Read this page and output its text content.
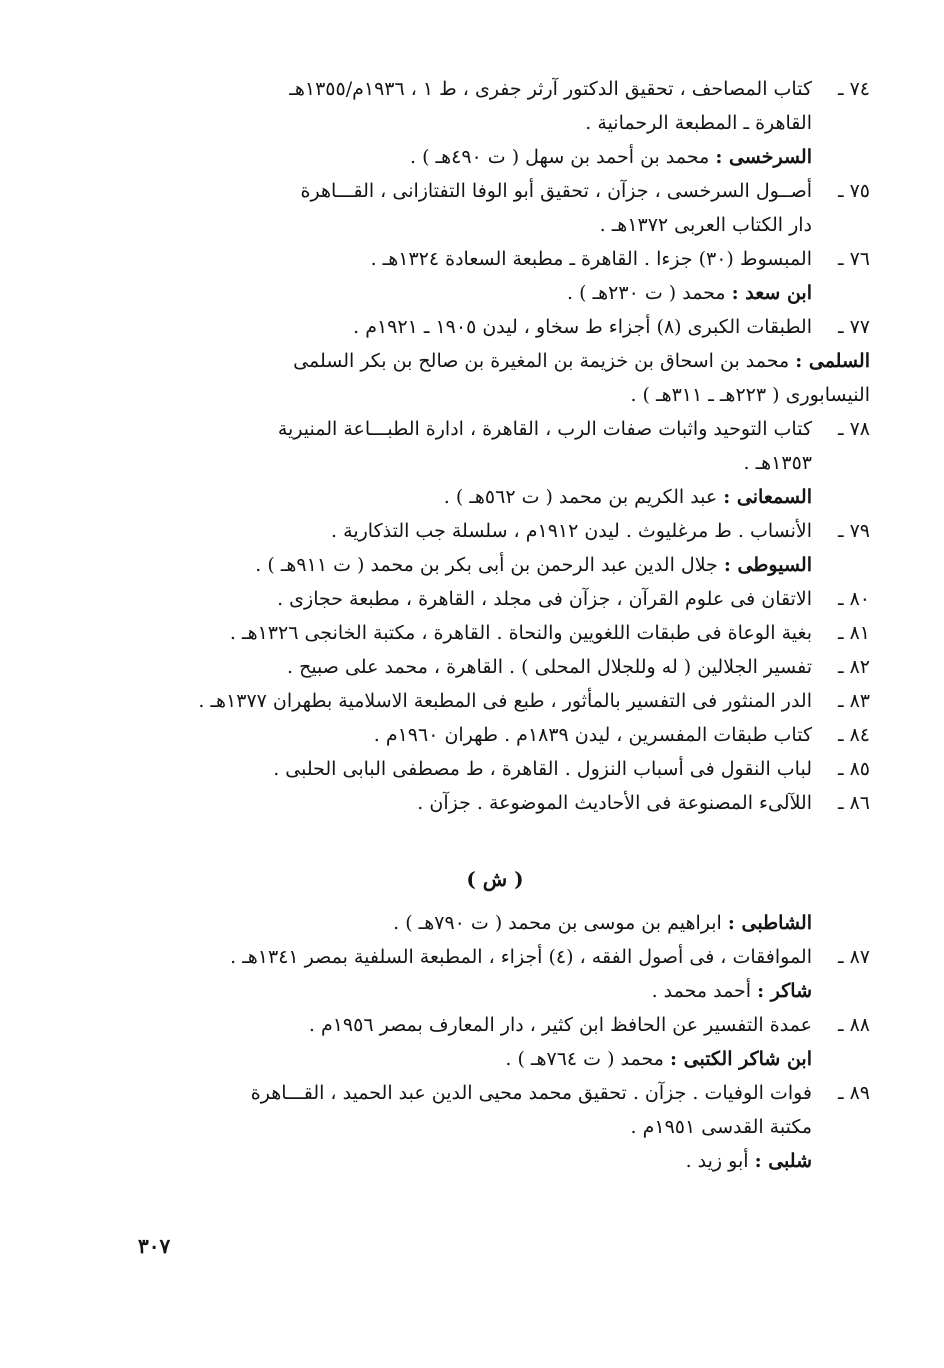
٧٤ ـ
كتاب المصاحف ، تحقيق الدكتور آرثر جفرى ، ط ١ ، ١٩٣٦م/١٣٥٥هـ
القاهرة ـ المطبعة الرحمانية .
السرخسى : محمد بن أحمد بن سهل ( ت ٤٩٠هـ ) .
٧٥ ـ
أصــول السرخسى ، جزآن ، تحقيق أبو الوفا التفتازانى ، القـــاهرة
دار الكتاب العربى ١٣٧٢هـ .
٧٦ ـ
المبسوط (٣٠) جزءا . القاهرة ـ مطبعة السعادة ١٣٢٤هـ .
ابن سعد : محمد ( ت ٢٣٠هـ ) .
٧٧ ـ
الطبقات الكبرى (٨) أجزاء ط سخاو ، ليدن ١٩٠٥ ـ ١٩٢١م .
السلمى : محمد بن اسحاق بن خزيمة بن المغيرة بن صالح بن بكر السلمى
النيسابورى ( ٢٢٣هـ ـ ٣١١هـ ) .
٧٨ ـ
كتاب التوحيد واثبات صفات الرب ، القاهرة ، ادارة الطبـــاعة المنيرية
١٣٥٣هـ .
السمعانى : عبد الكريم بن محمد ( ت ٥٦٢هـ ) .
٧٩ ـ
الأنساب . ط مرغليوث . ليدن ١٩١٢م ، سلسلة جب التذكارية .
السيوطى : جلال الدين عبد الرحمن بن أبى بكر بن محمد ( ت ٩١١هـ ) .
٨٠ ـ
الاتقان فى علوم القرآن ، جزآن فى مجلد ، القاهرة ، مطبعة حجازى .
٨١ ـ
بغية الوعاة فى طبقات اللغويين والنحاة . القاهرة ، مكتبة الخانجى ١٣٢٦هـ .
٨٢ ـ
تفسير الجلالين ( له وللجلال المحلى ) . القاهرة ، محمد على صبيح .
٨٣ ـ
الدر المنثور فى التفسير بالمأثور ، طبع فى المطبعة الاسلامية بطهران ١٣٧٧هـ .
٨٤ ـ
كتاب طبقات المفسرين ، ليدن ١٨٣٩م . طهران ١٩٦٠م .
٨٥ ـ
لباب النقول فى أسباب النزول . القاهرة ، ط مصطفى البابى الحلبى .
٨٦ ـ
اللآلىء المصنوعة فى الأحاديث الموضوعة . جزآن .
( ش )
الشاطبى : ابراهيم بن موسى بن محمد ( ت ٧٩٠هـ ) .
٨٧ ـ
الموافقات ، فى أصول الفقه ، (٤) أجزاء ، المطبعة السلفية بمصر ١٣٤١هـ .
شاكر : أحمد محمد .
٨٨ ـ
عمدة التفسير عن الحافظ ابن كثير ، دار المعارف بمصر ١٩٥٦م .
ابن شاكر الكتبى : محمد ( ت ٧٦٤هـ ) .
٨٩ ـ
فوات الوفيات . جزآن . تحقيق محمد محيى الدين عبد الحميد ، القـــاهرة
مكتبة القدسى ١٩٥١م .
شلبى : أبو زيد .
٣٠٧
